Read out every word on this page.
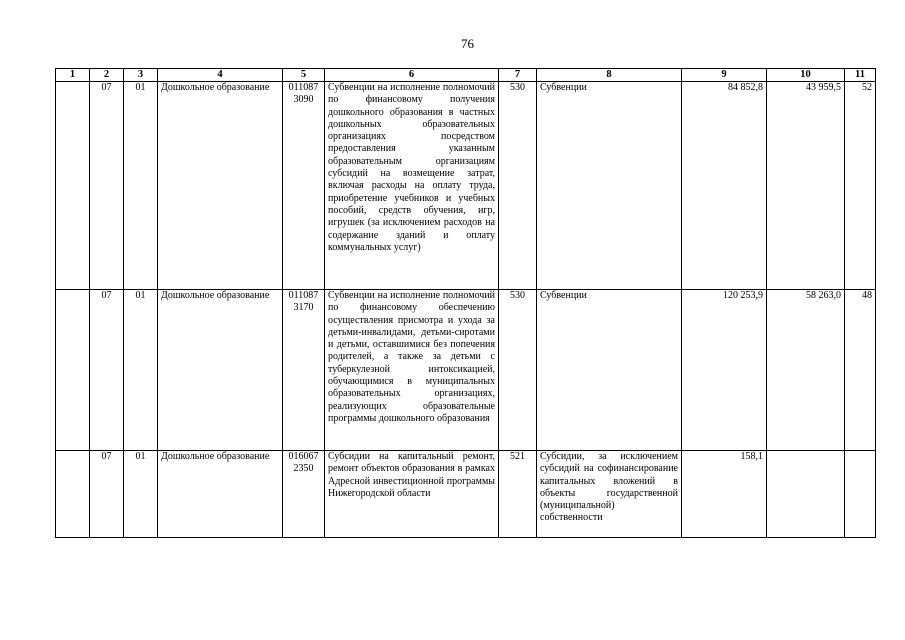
76
1	2	3	4	5	6	7	8	9	10	11
	07	01	Дошкольное образование	011087 3090	Субвенции на исполнение полномочий по финансовому получения дошкольного образования в частных дошкольных образовательных организациях посредством предоставления указанным образовательным организациям субсидий на возмещение затрат, включая расходы на оплату труда, приобретение учебников и учебных пособий, средств обучения, игр, игрушек (за исключением расходов на содержание зданий и оплату коммунальных услуг)	530	Субвенции	84 852,8	43 959,5	52
	07	01	Дошкольное образование	011087 3170	Субвенции на исполнение полномочий по финансовому обеспечению осуществления присмотра и ухода за детьми-инвалидами, детьми-сиротами и детьми, оставшимися без попечения родителей, а также за детьми с туберкулезной интоксикацией, обучающимися в муниципальных образовательных организациях, реализующих образовательные программы дошкольного образования	530	Субвенции	120 253,9	58 263,0	48
	07	01	Дошкольное образование	016067 2350	Субсидии на капитальный ремонт, ремонт объектов образования в рамках Адресной инвестиционной программы Нижегородской области	521	Субсидии, за исключением субсидий на софинансирование капитальных вложений в объекты государственной (муниципальной) собственности	158,1		
